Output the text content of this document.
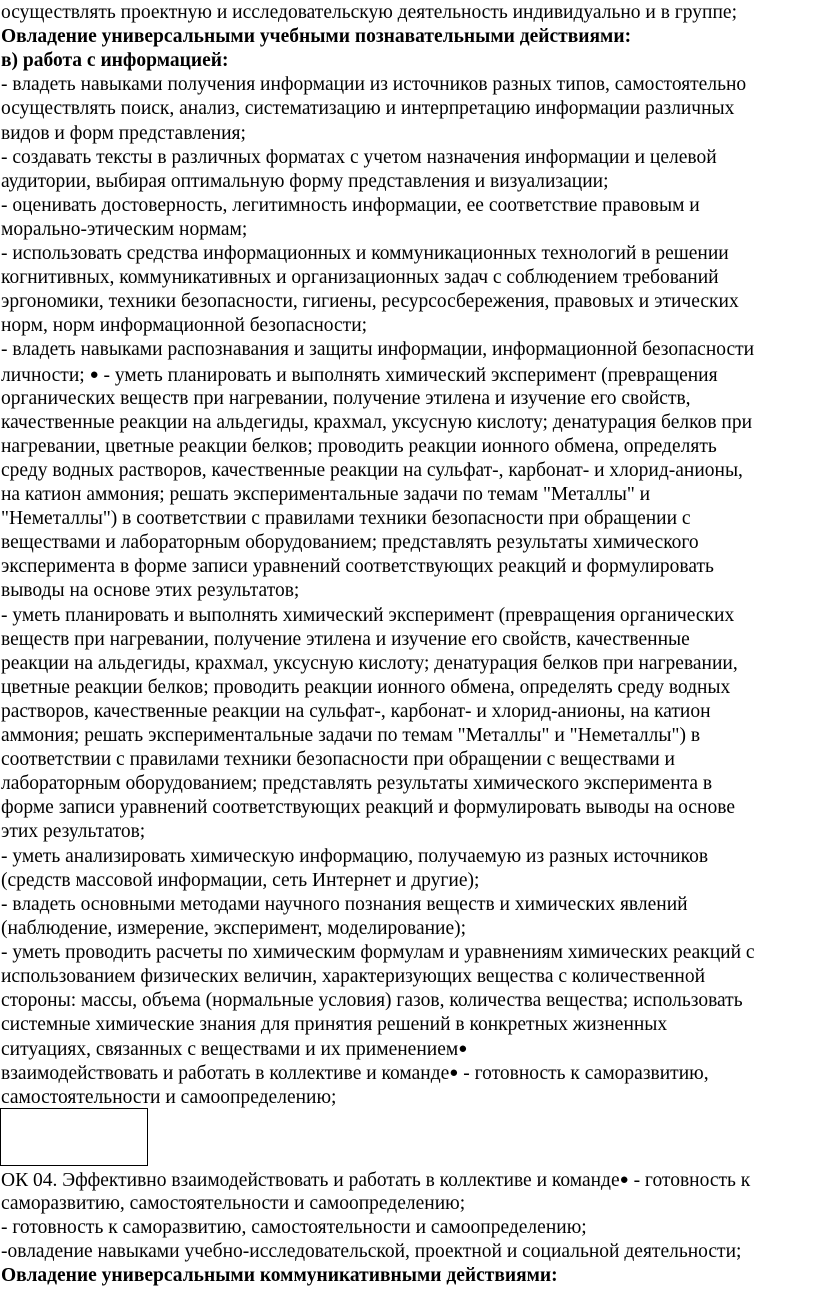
осуществлять проектную и исследовательскую деятельность индивидуально и в группе;
Овладение универсальными учебными познавательными действиями:
в) работа с информацией:
- владеть навыками получения информации из источников разных типов, самостоятельно
осуществлять поиск, анализ, систематизацию и интерпретацию информации различных
видов и форм представления;
- создавать тексты в различных форматах с учетом назначения информации и целевой
аудитории, выбирая оптимальную форму представления и визуализации;
- оценивать достоверность, легитимность информации, ее соответствие правовым и
морально-этическим нормам;
- использовать средства информационных и коммуникационных технологий в решении
когнитивных, коммуникативных и организационных задач с соблюдением требований
эргономики, техники безопасности, гигиены, ресурсосбережения, правовых и этических
норм, норм информационной безопасности;
- владеть навыками распознавания и защиты информации, информационной безопасности
личности; ● - уметь планировать и выполнять химический эксперимент (превращения
органических веществ при нагревании, получение этилена и изучение его свойств,
качественные реакции на альдегиды, крахмал, уксусную кислоту; денатурация белков при
нагревании, цветные реакции белков; проводить реакции ионного обмена, определять
среду водных растворов, качественные реакции на сульфат-, карбонат- и хлорид-анионы,
на катион аммония; решать экспериментальные задачи по темам "Металлы" и
"Неметаллы") в соответствии с правилами техники безопасности при обращении с
веществами и лабораторным оборудованием; представлять результаты химического
эксперимента в форме записи уравнений соответствующих реакций и формулировать
выводы на основе этих результатов;
- уметь планировать и выполнять химический эксперимент (превращения органических
веществ при нагревании, получение этилена и изучение его свойств, качественные
реакции на альдегиды, крахмал, уксусную кислоту; денатурация белков при нагревании,
цветные реакции белков; проводить реакции ионного обмена, определять среду водных
растворов, качественные реакции на сульфат-, карбонат- и хлорид-анионы, на катион
аммония; решать экспериментальные задачи по темам "Металлы" и "Неметаллы") в
соответствии с правилами техники безопасности при обращении с веществами и
лабораторным оборудованием; представлять результаты химического эксперимента в
форме записи уравнений соответствующих реакций и формулировать выводы на основе
этих результатов;
- уметь анализировать химическую информацию, получаемую из разных источников
(средств массовой информации, сеть Интернет и другие);
- владеть основными методами научного познания веществ и химических явлений
(наблюдение, измерение, эксперимент, моделирование);
- уметь проводить расчеты по химическим формулам и уравнениям химических реакций с
использованием физических величин, характеризующих вещества с количественной
стороны: массы, объема (нормальные условия) газов, количества вещества; использовать
системные химические знания для принятия решений в конкретных жизненных
ситуациях, связанных с веществами и их применением●
взаимодействовать и работать в коллективе и команде● - готовность к саморазвитию,
самостоятельности и самоопределению;
ОК 04. Эффективно взаимодействовать и работать в коллективе и команде● - готовность к
саморазвитию, самостоятельности и самоопределению;
- готовность к саморазвитию, самостоятельности и самоопределению;
-овладение навыками учебно-исследовательской, проектной и социальной деятельности;
Овладение универсальными коммуникативными действиями:
